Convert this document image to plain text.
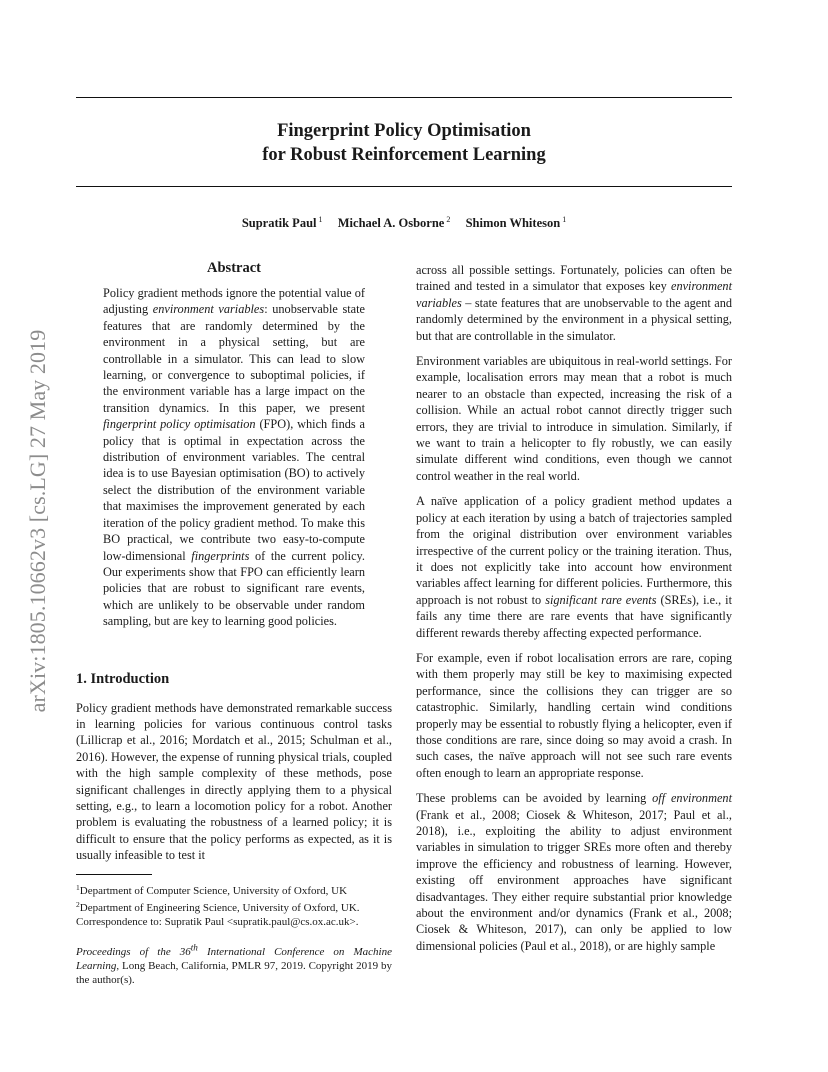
Fingerprint Policy Optimisation
for Robust Reinforcement Learning
Supratik Paul $^1$ Michael A. Osborne $^2$ Shimon Whiteson $^1$
arXiv:1805.10662v3 [cs.LG] 27 May 2019
Abstract
Policy gradient methods ignore the potential value of adjusting environment variables: unobservable state features that are randomly determined by the environment in a physical setting, but are controllable in a simulator. This can lead to slow learning, or convergence to suboptimal policies, if the environment variable has a large impact on the transition dynamics. In this paper, we present fingerprint policy optimisation (FPO), which finds a policy that is optimal in expectation across the distribution of environment variables. The central idea is to use Bayesian optimisation (BO) to actively select the distribution of the environment variable that maximises the improvement generated by each iteration of the policy gradient method. To make this BO practical, we contribute two easy-to-compute low-dimensional fingerprints of the current policy. Our experiments show that FPO can efficiently learn policies that are robust to significant rare events, which are unlikely to be observable under random sampling, but are key to learning good policies.
1. Introduction

Policy gradient methods have demonstrated remarkable success in learning policies for various continuous control tasks (Lillicrap et al., 2016; Mordatch et al., 2015; Schulman et al., 2016). However, the expense of running physical trials, coupled with the high sample complexity of these methods, pose significant challenges in directly applying them to a physical setting, e.g., to learn a locomotion policy for a robot. Another problem is evaluating the robustness of a learned policy; it is difficult to ensure that the policy performs as expected, as it is usually infeasible to test it

$^1$Department of Computer Science, University of Oxford, UK
$^2$Department of Engineering Science, University of Oxford, UK.
Correspondence to: Supratik Paul <supratik.paul@cs.ox.ac.uk>.
Proceedings of the 36th International Conference on Machine Learning, Long Beach, California, PMLR 97, 2019. Copyright 2019 by the author(s).

across all possible settings. Fortunately, policies can often be trained and tested in a simulator that exposes key environment variables – state features that are unobservable to the agent and randomly determined by the environment in a physical setting, but that are controllable in the simulator.

Environment variables are ubiquitous in real-world settings. For example, localisation errors may mean that a robot is much nearer to an obstacle than expected, increasing the risk of a collision. While an actual robot cannot directly trigger such errors, they are trivial to introduce in simulation. Similarly, if we want to train a helicopter to fly robustly, we can easily simulate different wind conditions, even though we cannot control weather in the real world.

A naïve application of a policy gradient method updates a policy at each iteration by using a batch of trajectories sampled from the original distribution over environment variables irrespective of the current policy or the training iteration. Thus, it does not explicitly take into account how environment variables affect learning for different policies. Furthermore, this approach is not robust to significant rare events (SREs), i.e., it fails any time there are rare events that have significantly different rewards thereby affecting expected performance.

For example, even if robot localisation errors are rare, coping with them properly may still be key to maximising expected performance, since the collisions they can trigger are so catastrophic. Similarly, handling certain wind conditions properly may be essential to robustly flying a helicopter, even if those conditions are rare, since doing so may avoid a crash. In such cases, the naïve approach will not see such rare events often enough to learn an appropriate response.

These problems can be avoided by learning off environment (Frank et al., 2008; Ciosek & Whiteson, 2017; Paul et al., 2018), i.e., exploiting the ability to adjust environment variables in simulation to trigger SREs more often and thereby improve the efficiency and robustness of learning. However, existing off environment approaches have significant disadvantages. They either require substantial prior knowledge about the environment and/or dynamics (Frank et al., 2008; Ciosek & Whiteson, 2017), can only be applied to low dimensional policies (Paul et al., 2018), or are highly sample
